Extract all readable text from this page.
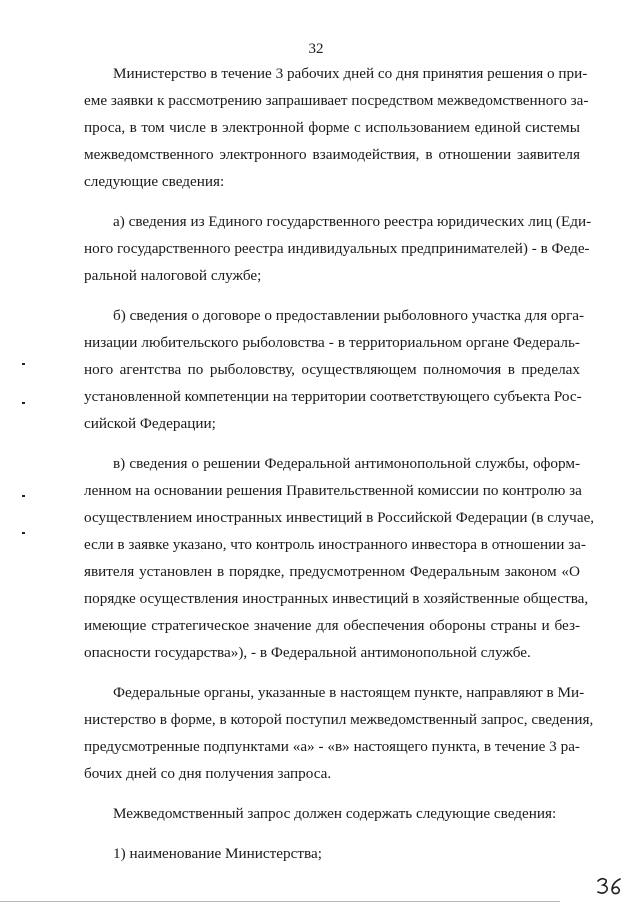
32
Министерство в течение 3 рабочих дней со дня принятия решения о при-
еме заявки к рассмотрению запрашивает посредством межведомственного за-
проса, в том числе в электронной форме с использованием единой системы
межведомственного электронного взаимодействия, в отношении заявителя
следующие сведения:
а) сведения из Единого государственного реестра юридических лиц (Еди-
ного государственного реестра индивидуальных предпринимателей) - в Феде-
ральной налоговой службе;
б) сведения о договоре о предоставлении рыболовного участка для орга-
низации любительского рыболовства - в территориальном органе Федераль-
ного агентства по рыболовству, осуществляющем полномочия в пределах
установленной компетенции на территории соответствующего субъекта Рос-
сийской Федерации;
в) сведения о решении Федеральной антимонопольной службы, оформ-
ленном на основании решения Правительственной комиссии по контролю за
осуществлением иностранных инвестиций в Российской Федерации (в случае,
если в заявке указано, что контроль иностранного инвестора в отношении за-
явителя установлен в порядке, предусмотренном Федеральным законом «О
порядке осуществления иностранных инвестиций в хозяйственные общества,
имеющие стратегическое значение для обеспечения обороны страны и без-
опасности государства»), - в Федеральной антимонопольной службе.
Федеральные органы, указанные в настоящем пункте, направляют в Ми-
нистерство в форме, в которой поступил межведомственный запрос, сведения,
предусмотренные подпунктами «а» - «в» настоящего пункта, в течение 3 ра-
бочих дней со дня получения запроса.
Межведомственный запрос должен содержать следующие сведения:
1) наименование Министерства;
